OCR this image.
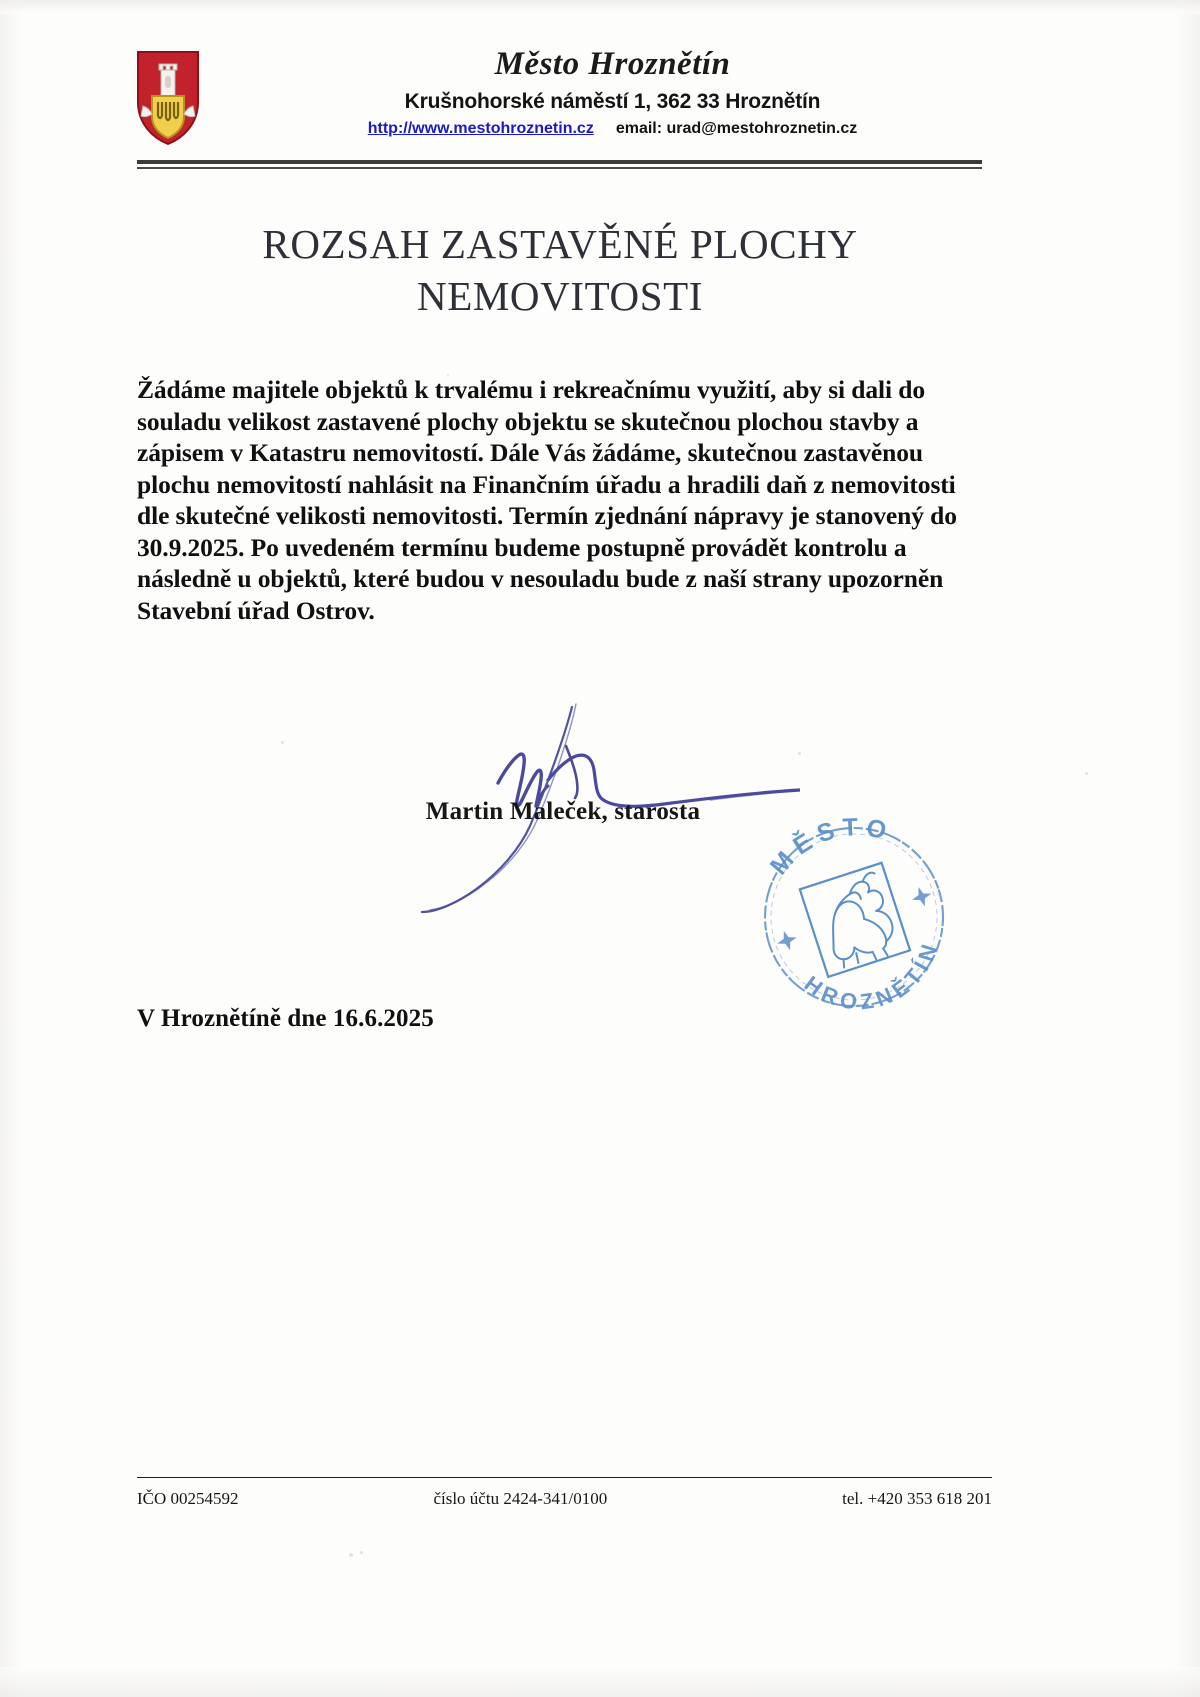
Město Hroznětín
Krušnohorské náměstí 1, 362 33 Hroznětín
http://www.mestohroznetin.cz email: urad@mestohroznetin.cz
ROZSAH ZASTAVĚNÉ PLOCHY
NEMOVITOSTI
Žádáme majitele objektů k trvalému i rekreačnímu využití, aby si dali do souladu velikost zastavené plochy objektu se skutečnou plochou stavby a zápisem v Katastru nemovitostí. Dále Vás žádáme, skutečnou zastavěnou plochu nemovitostí nahlásit na Finančním úřadu a hradili daň z nemovitosti dle skutečné velikosti nemovitosti. Termín zjednání nápravy je stanovený do 30.9.2025. Po uvedeném termínu budeme postupně provádět kontrolu a následně u objektů, které budou v nesouladu bude z naší strany upozorněn Stavební úřad Ostrov.
Martin Maleček, starosta
MĚSTO
HROZNĚTÍN
V Hroznětíně dne 16.6.2025
IČO 00254592	číslo účtu 2424-341/0100	tel. +420 353 618 201
